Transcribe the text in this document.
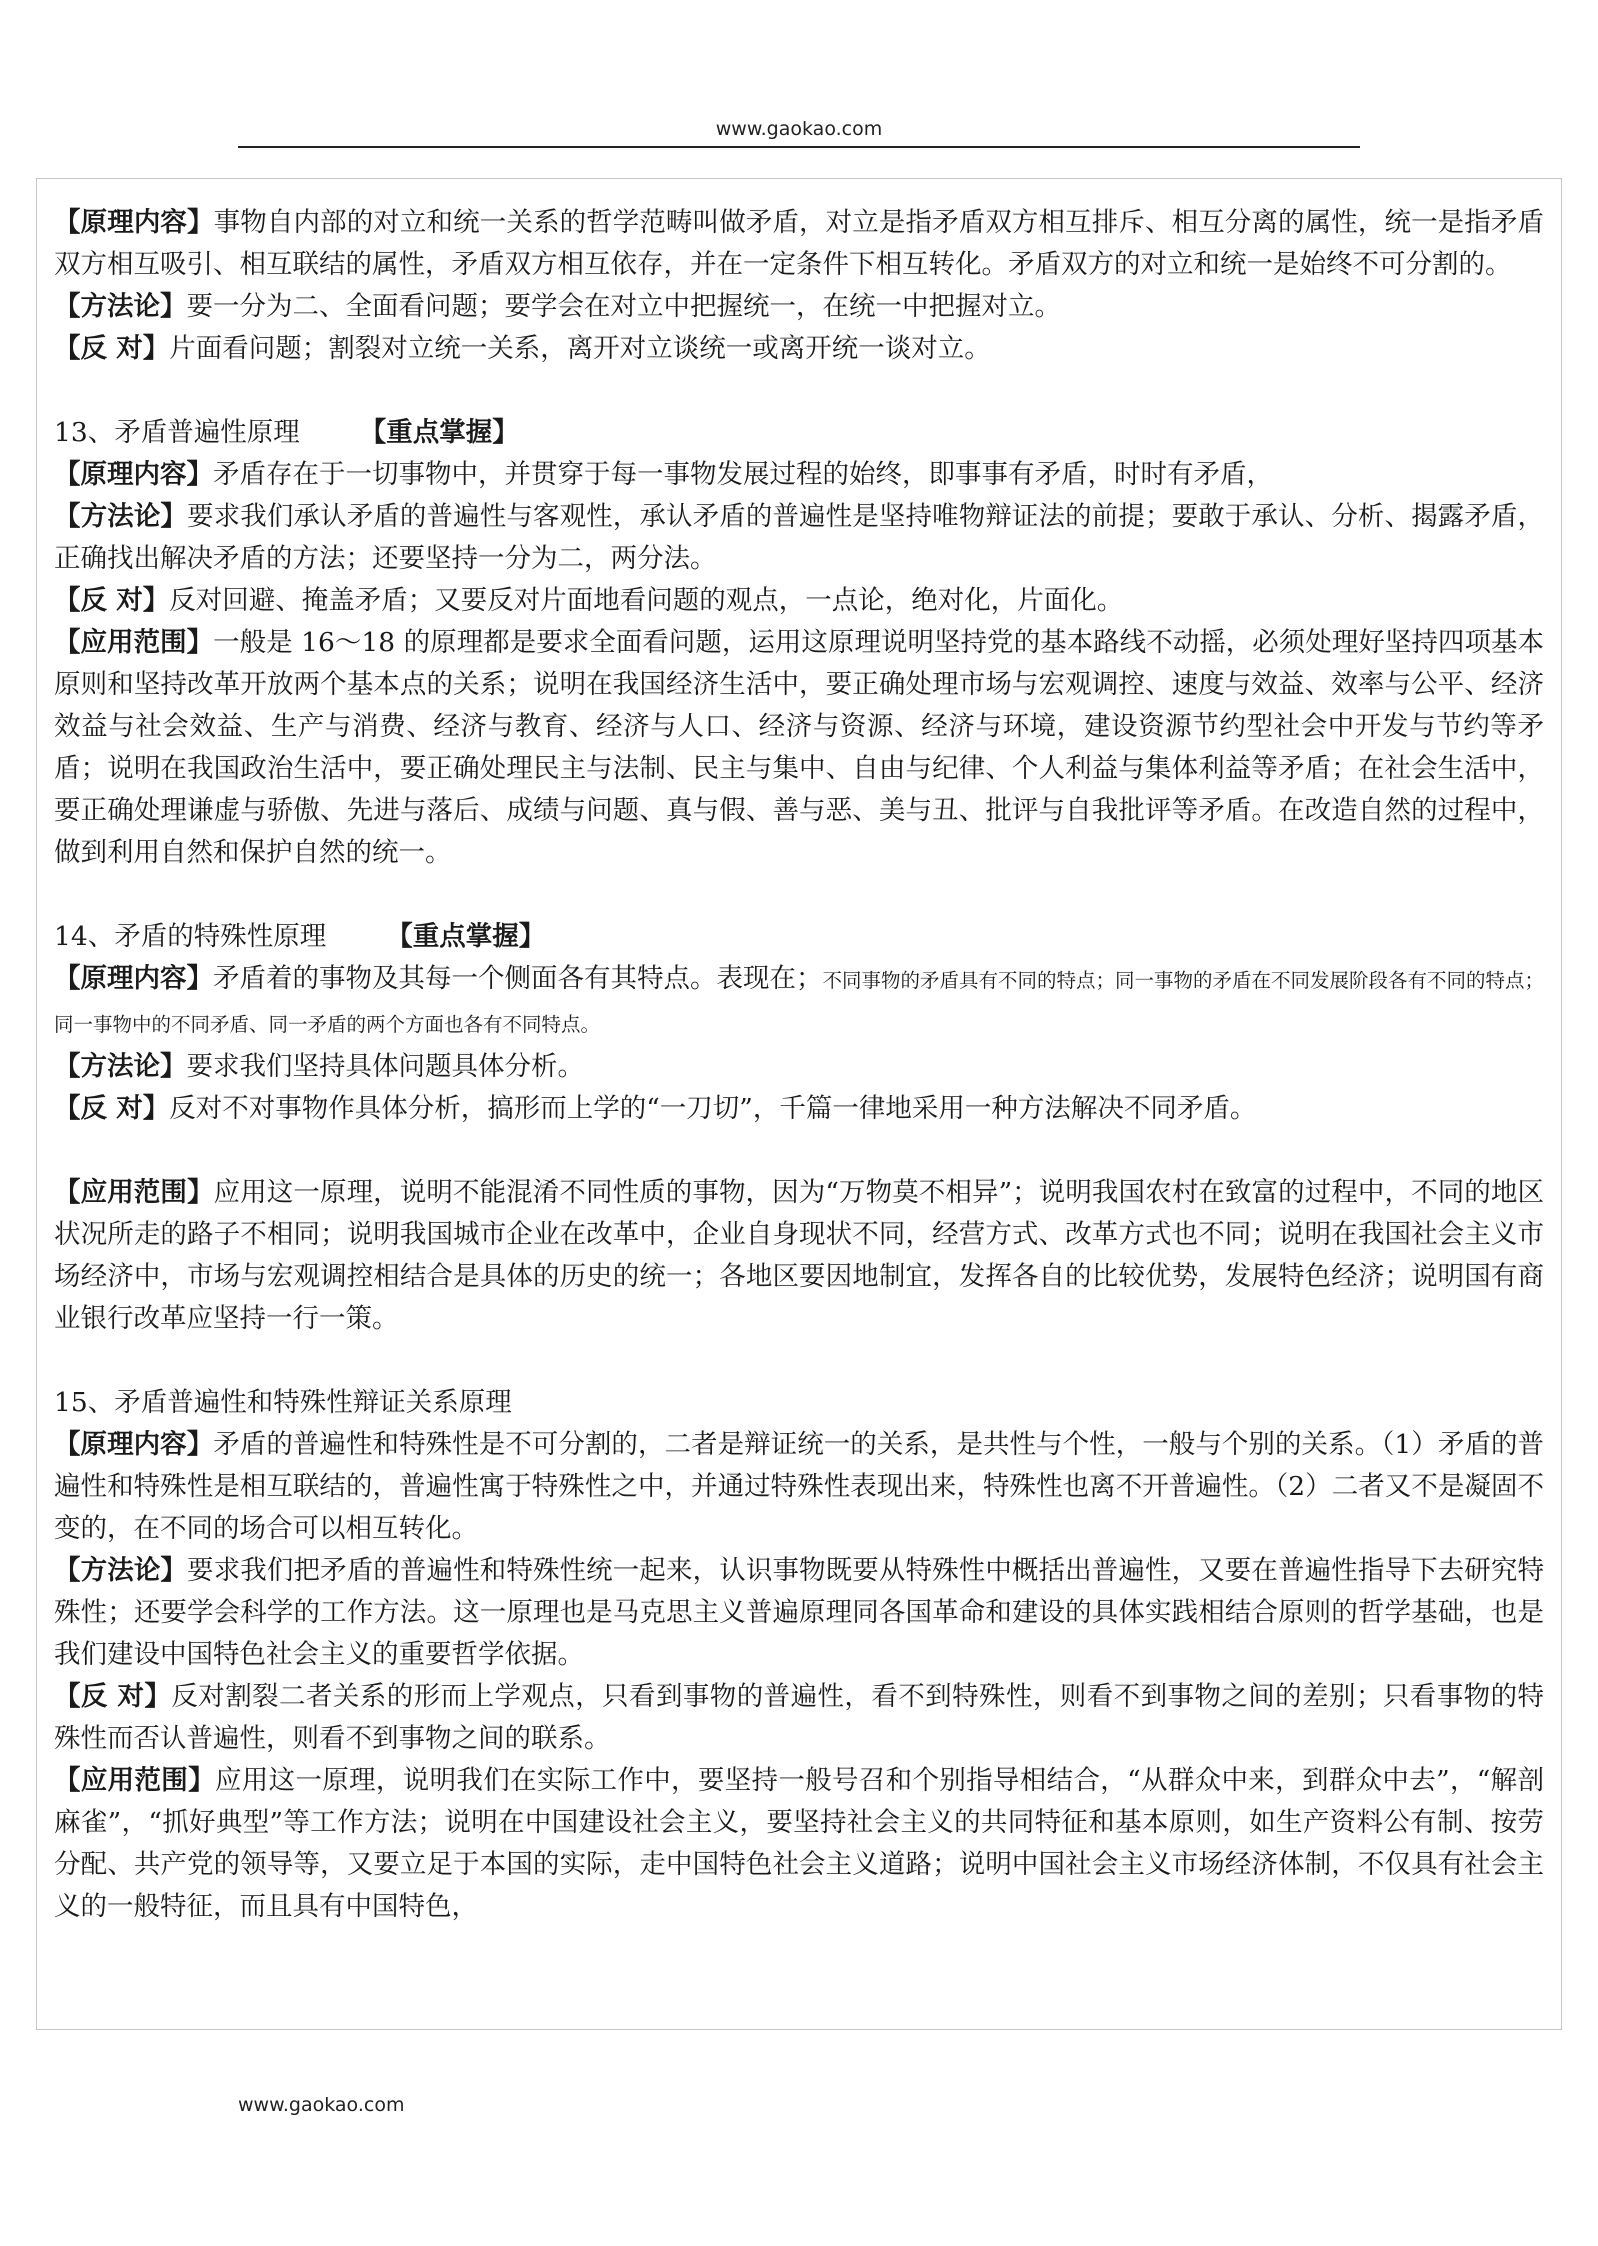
www.gaokao.com

【原理内容】事物自内部的对立和统一关系的哲学范畴叫做矛盾，对立是指矛盾双方相互排斥、相互分离的属性，统一是指矛盾双方相互吸引、相互联结的属性，矛盾双方相互依存，并在一定条件下相互转化。矛盾双方的对立和统一是始终不可分割的。

【方法论】要一分为二、全面看问题；要学会在对立中把握统一，在统一中把握对立。

【反 对】片面看问题；割裂对立统一关系，离开对立谈统一或离开统一谈对立。

13、矛盾普遍性原理 【重点掌握】

【原理内容】矛盾存在于一切事物中，并贯穿于每一事物发展过程的始终，即事事有矛盾，时时有矛盾，

【方法论】要求我们承认矛盾的普遍性与客观性，承认矛盾的普遍性是坚持唯物辩证法的前提；要敢于承认、分析、揭露矛盾，正确找出解决矛盾的方法；还要坚持一分为二，两分法。

【反 对】反对回避、掩盖矛盾；又要反对片面地看问题的观点，一点论，绝对化，片面化。

【应用范围】一般是 16～18 的原理都是要求全面看问题，运用这原理说明坚持党的基本路线不动摇，必须处理好坚持四项基本原则和坚持改革开放两个基本点的关系；说明在我国经济生活中，要正确处理市场与宏观调控、速度与效益、效率与公平、经济效益与社会效益、生产与消费、经济与教育、经济与人口、经济与资源、经济与环境，建设资源节约型社会中开发与节约等矛盾；说明在我国政治生活中，要正确处理民主与法制、民主与集中、自由与纪律、个人利益与集体利益等矛盾；在社会生活中，要正确处理谦虚与骄傲、先进与落后、成绩与问题、真与假、善与恶、美与丑、批评与自我批评等矛盾。在改造自然的过程中，做到利用自然和保护自然的统一。

14、矛盾的特殊性原理 【重点掌握】

【原理内容】矛盾着的事物及其每一个侧面各有其特点。表现在；不同事物的矛盾具有不同的特点；同一事物的矛盾在不同发展阶段各有不同的特点；同一事物中的不同矛盾、同一矛盾的两个方面也各有不同特点。

【方法论】要求我们坚持具体问题具体分析。

【反 对】反对不对事物作具体分析，搞形而上学的“一刀切”，千篇一律地采用一种方法解决不同矛盾。

【应用范围】应用这一原理，说明不能混淆不同性质的事物，因为“万物莫不相异”；说明我国农村在致富的过程中，不同的地区状况所走的路子不相同；说明我国城市企业在改革中，企业自身现状不同，经营方式、改革方式也不同；说明在我国社会主义市场经济中，市场与宏观调控相结合是具体的历史的统一；各地区要因地制宜，发挥各自的比较优势，发展特色经济；说明国有商业银行改革应坚持一行一策。

15、矛盾普遍性和特殊性辩证关系原理

【原理内容】矛盾的普遍性和特殊性是不可分割的，二者是辩证统一的关系，是共性与个性，一般与个别的关系。（1）矛盾的普遍性和特殊性是相互联结的，普遍性寓于特殊性之中，并通过特殊性表现出来，特殊性也离不开普遍性。（2）二者又不是凝固不变的，在不同的场合可以相互转化。

【方法论】要求我们把矛盾的普遍性和特殊性统一起来，认识事物既要从特殊性中概括出普遍性，又要在普遍性指导下去研究特殊性；还要学会科学的工作方法。这一原理也是马克思主义普遍原理同各国革命和建设的具体实践相结合原则的哲学基础，也是我们建设中国特色社会主义的重要哲学依据。

【反 对】反对割裂二者关系的形而上学观点，只看到事物的普遍性，看不到特殊性，则看不到事物之间的差别；只看事物的特殊性而否认普遍性，则看不到事物之间的联系。

【应用范围】应用这一原理，说明我们在实际工作中，要坚持一般号召和个别指导相结合，“从群众中来，到群众中去”，“解剖麻雀”，“抓好典型”等工作方法；说明在中国建设社会主义，要坚持社会主义的共同特征和基本原则，如生产资料公有制、按劳分配、共产党的领导等，又要立足于本国的实际，走中国特色社会主义道路；说明中国社会主义市场经济体制，不仅具有社会主义的一般特征，而且具有中国特色，

www.gaokao.com
